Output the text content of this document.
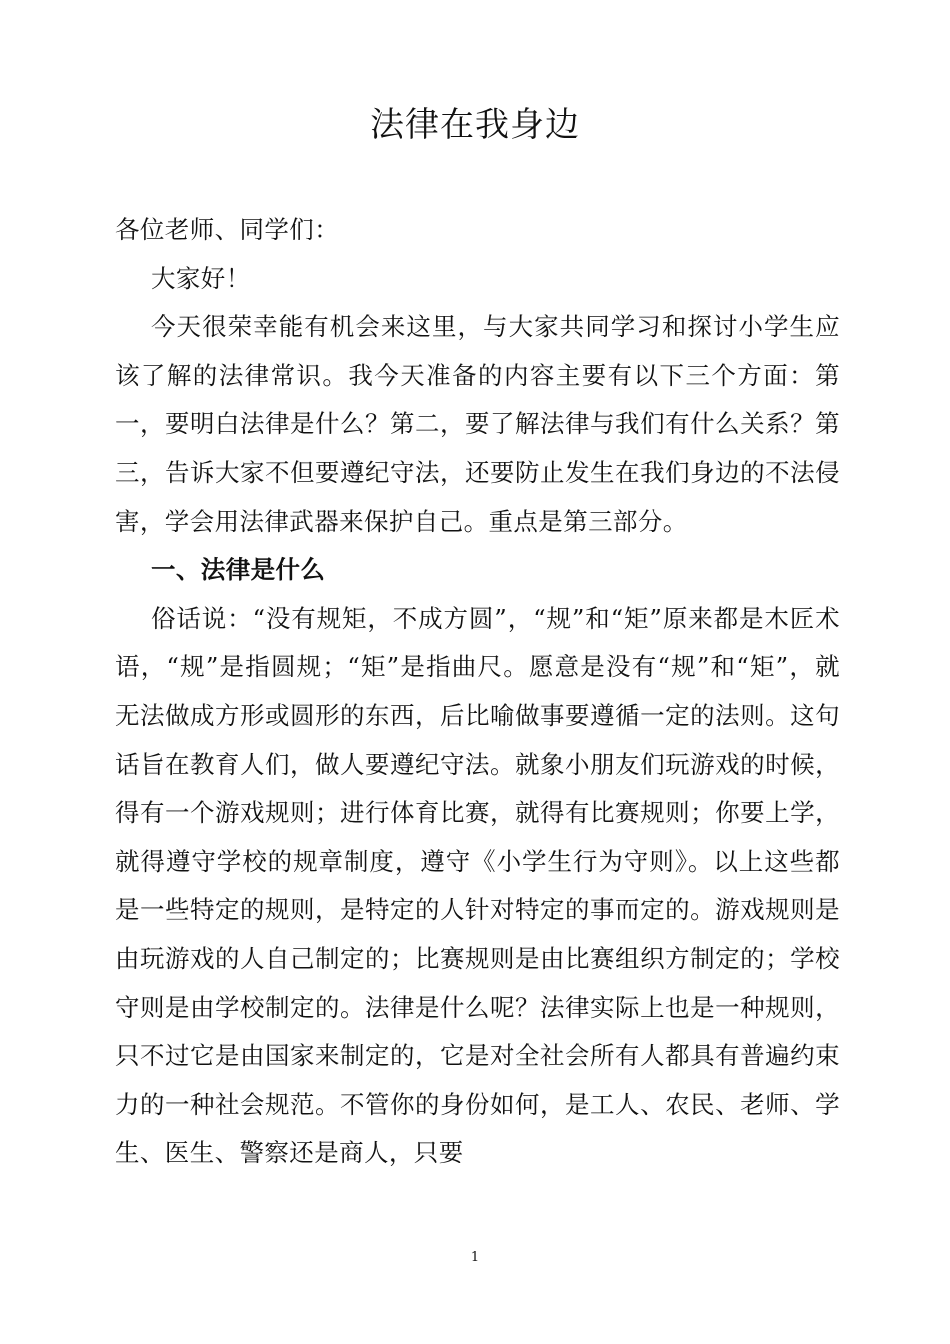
法律在我身边

各位老师、同学们：

大家好！

今天很荣幸能有机会来这里，与大家共同学习和探讨小学生应该了解的法律常识。我今天准备的内容主要有以下三个方面：第一，要明白法律是什么？第二，要了解法律与我们有什么关系？第三，告诉大家不但要遵纪守法，还要防止发生在我们身边的不法侵害，学会用法律武器来保护自己。重点是第三部分。

一、法律是什么

俗话说：“没有规矩，不成方圆”，“规”和“矩”原来都是木匠术语，“规”是指圆规；“矩”是指曲尺。愿意是没有“规”和“矩”，就无法做成方形或圆形的东西，后比喻做事要遵循一定的法则。这句话旨在教育人们，做人要遵纪守法。就象小朋友们玩游戏的时候，得有一个游戏规则；进行体育比赛，就得有比赛规则；你要上学，就得遵守学校的规章制度，遵守《小学生行为守则》。以上这些都是一些特定的规则，是特定的人针对特定的事而定的。游戏规则是由玩游戏的人自己制定的；比赛规则是由比赛组织方制定的；学校守则是由学校制定的。法律是什么呢？法律实际上也是一种规则，只不过它是由国家来制定的，它是对全社会所有人都具有普遍约束力的一种社会规范。不管你的身份如何，是工人、农民、老师、学生、医生、警察还是商人，只要

1
